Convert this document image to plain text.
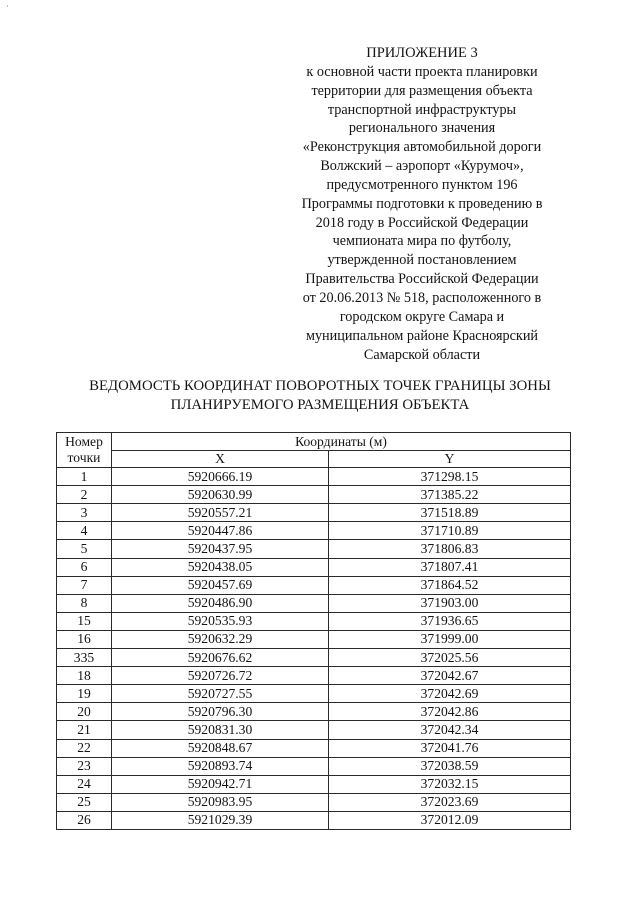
˙
ПРИЛОЖЕНИЕ 3
к основной части проекта планировки
территории для размещения объекта
транспортной инфраструктуры
регионального значения
«Реконструкция автомобильной дороги
Волжский – аэропорт «Курумоч»,
предусмотренного пунктом 196
Программы подготовки к проведению в
2018 году в Российской Федерации
чемпионата мира по футболу,
утвержденной постановлением
Правительства Российской Федерации
от 20.06.2013 № 518, расположенного в
городском округе Самара и
муниципальном районе Красноярский
Самарской области
ВЕДОМОСТЬ КООРДИНАТ ПОВОРОТНЫХ ТОЧЕК ГРАНИЦЫ ЗОНЫ
ПЛАНИРУЕМОГО РАЗМЕЩЕНИЯ ОБЪЕКТА
Номер точки	Координаты (м)	
	X	Y
1	5920666.19	371298.15
2	5920630.99	371385.22
3	5920557.21	371518.89
4	5920447.86	371710.89
5	5920437.95	371806.83
6	5920438.05	371807.41
7	5920457.69	371864.52
8	5920486.90	371903.00
15	5920535.93	371936.65
16	5920632.29	371999.00
335	5920676.62	372025.56
18	5920726.72	372042.67
19	5920727.55	372042.69
20	5920796.30	372042.86
21	5920831.30	372042.34
22	5920848.67	372041.76
23	5920893.74	372038.59
24	5920942.71	372032.15
25	5920983.95	372023.69
26	5921029.39	372012.09
